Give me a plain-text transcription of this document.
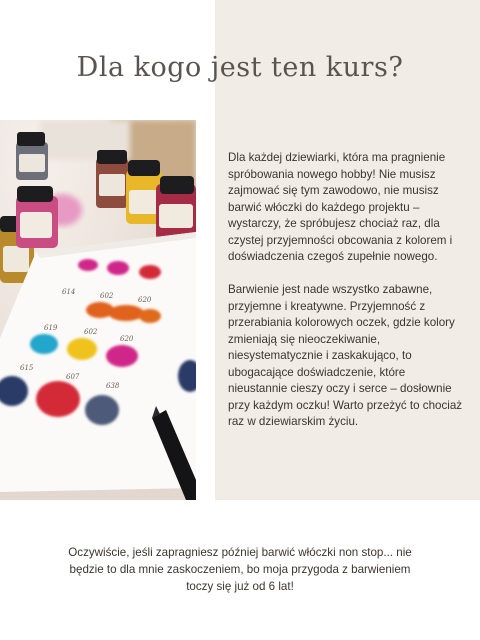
Dla kogo jest ten kurs?
614	602	620
619	602
620
615
607
638

Dla każdej dziewiarki, która ma pragnienie spróbowania nowego hobby! Nie musisz zajmować się tym zawodowo, nie musisz barwić włóczki do każdego projektu – wystarczy, że spróbujesz chociaż raz, dla czystej przyjemności obcowania z kolorem i doświadczenia czegoś zupełnie nowego.

Barwienie jest nade wszystko zabawne, przyjemne i kreatywne. Przyjemność z przerabiania kolorowych oczek, gdzie kolory zmieniają się nieoczekiwanie, niesystematycznie i zaskakująco, to ubogacające doświadczenie, które nieustannie cieszy oczy i serce – dosłownie przy każdym oczku! Warto przeżyć to chociaż raz w dziewiarskim życiu.

Oczywiście, jeśli zapragniesz później barwić włóczki non stop... nie będzie to dla mnie zaskoczeniem, bo moja przygoda z barwieniem toczy się już od 6 lat!
